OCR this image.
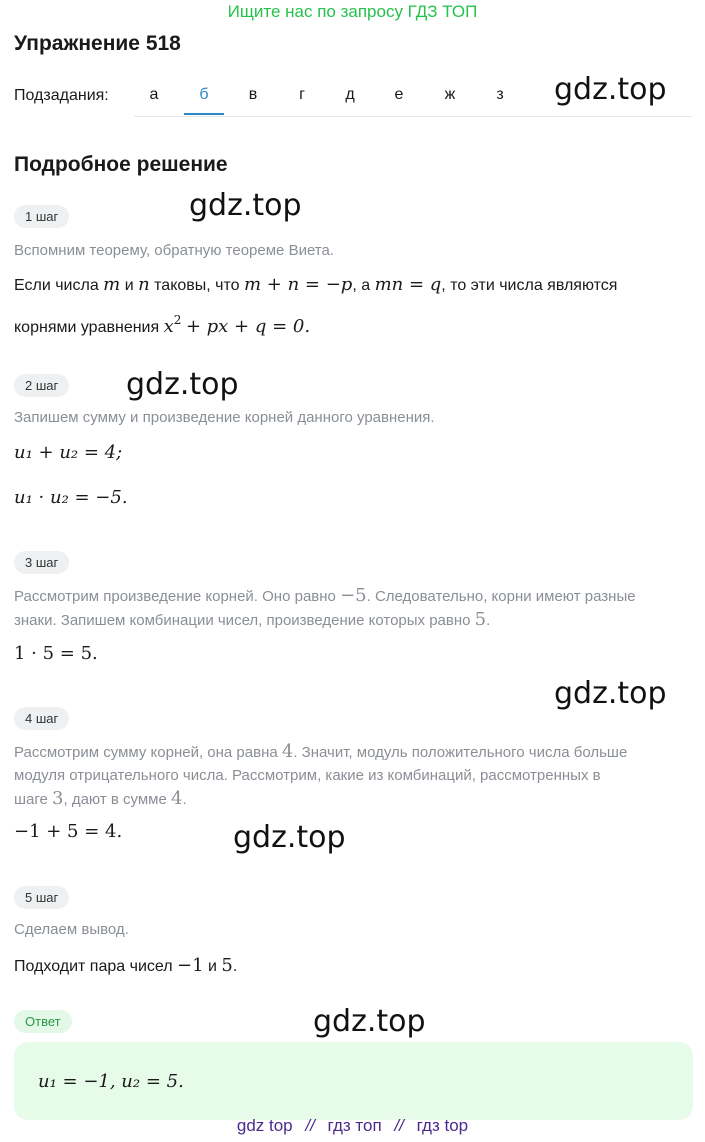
Ищите нас по запросу ГДЗ ТОП
Упражнение 518
Подзадания:	а	б	в	г	д	е	ж	з	gdz.top
Подробное решение
1 шаг	gdz.top
Вспомним теорему, обратную теореме Виета.
Если числа m и n таковы, что m + n = −p, а mn = q, то эти числа являются
корнями уравнения $x^2$ + px + q = 0.
2 шаг	gdz.top
Запишем сумму и произведение корней данного уравнения.
u₁ + u₂ = 4;
u₁ · u₂ = −5.
3 шаг
Рассмотрим произведение корней. Оно равно −5. Следовательно, корни имеют разные
знаки. Запишем комбинации чисел, произведение которых равно 5.
1 · 5 = 5.
gdz.top
4 шаг
Рассмотрим сумму корней, она равна 4. Значит, модуль положительного числа больше
модуля отрицательного числа. Рассмотрим, какие из комбинаций, рассмотренных в
шаге 3, дают в сумме 4.
−1 + 5 = 4.	gdz.top
5 шаг
Сделаем вывод.
Подходит пара чисел −1 и 5.
Ответ	gdz.top
u₁ = −1, u₂ = 5.
gdz top // гдз топ // гдз top
